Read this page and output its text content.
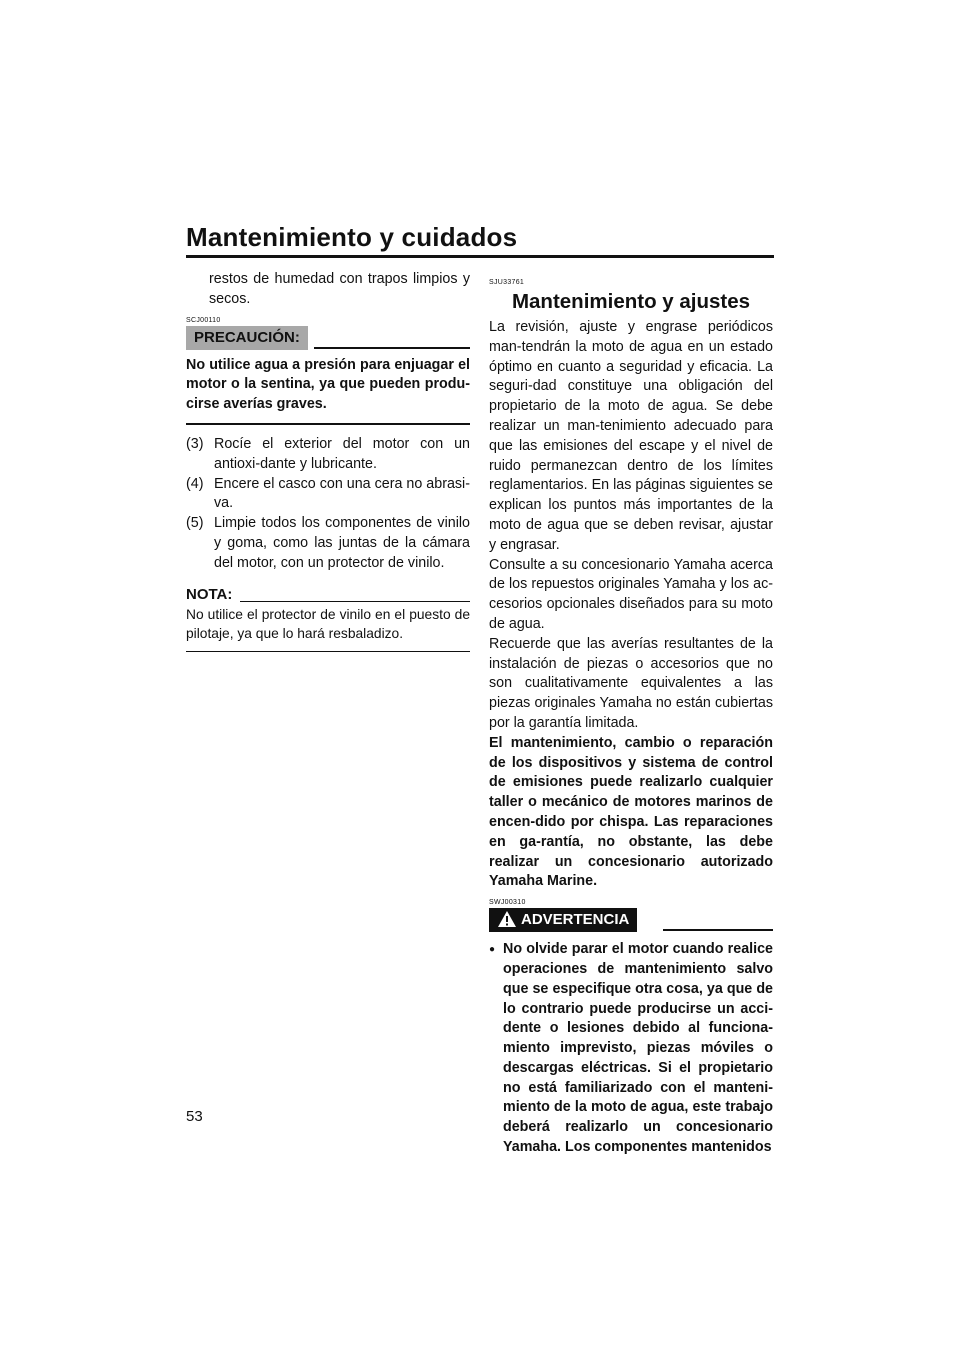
Mantenimiento y cuidados

restos de humedad con trapos limpios y secos.

SCJ00110
PRECAUCIÓN:

No utilice agua a presión para enjuagar el motor o la sentina, ya que pueden produ-cirse averías graves.

(3) Rocíe el exterior del motor con un antioxi-dante y lubricante.
(4) Encere el casco con una cera no abrasi-va.
(5) Limpie todos los componentes de vinilo y goma, como las juntas de la cámara del motor, con un protector de vinilo.
NOTA:

No utilice el protector de vinilo en el puesto de pilotaje, ya que lo hará resbaladizo.

SJU33761
Mantenimiento y ajustes

La revisión, ajuste y engrase periódicos man-tendrán la moto de agua en un estado óptimo en cuanto a seguridad y eficacia. La seguri-dad constituye una obligación del propietario de la moto de agua. Se debe realizar un man-tenimiento adecuado para que las emisiones del escape y el nivel de ruido permanezcan dentro de los límites reglamentarios. En las páginas siguientes se explican los puntos más importantes de la moto de agua que se deben revisar, ajustar y engrasar.

Consulte a su concesionario Yamaha acerca de los repuestos originales Yamaha y los ac-cesorios opcionales diseñados para su moto de agua.

Recuerde que las averías resultantes de la instalación de piezas o accesorios que no son cualitativamente equivalentes a las piezas originales Yamaha no están cubiertas por la garantía limitada.

El mantenimiento, cambio o reparación de los dispositivos y sistema de control de emisiones puede realizarlo cualquier taller o mecánico de motores marinos de encen-dido por chispa. Las reparaciones en ga-rantía, no obstante, las debe realizar un concesionario autorizado Yamaha Marine.

SWJ00310
ADVERTENCIA
● No olvide parar el motor cuando realice operaciones de mantenimiento salvo que se especifique otra cosa, ya que de lo contrario puede producirse un acci-dente o lesiones debido al funciona-miento imprevisto, piezas móviles o descargas eléctricas. Si el propietario no está familiarizado con el manteni-miento de la moto de agua, este trabajo deberá realizarlo un concesionario Yamaha. Los componentes mantenidos
53
